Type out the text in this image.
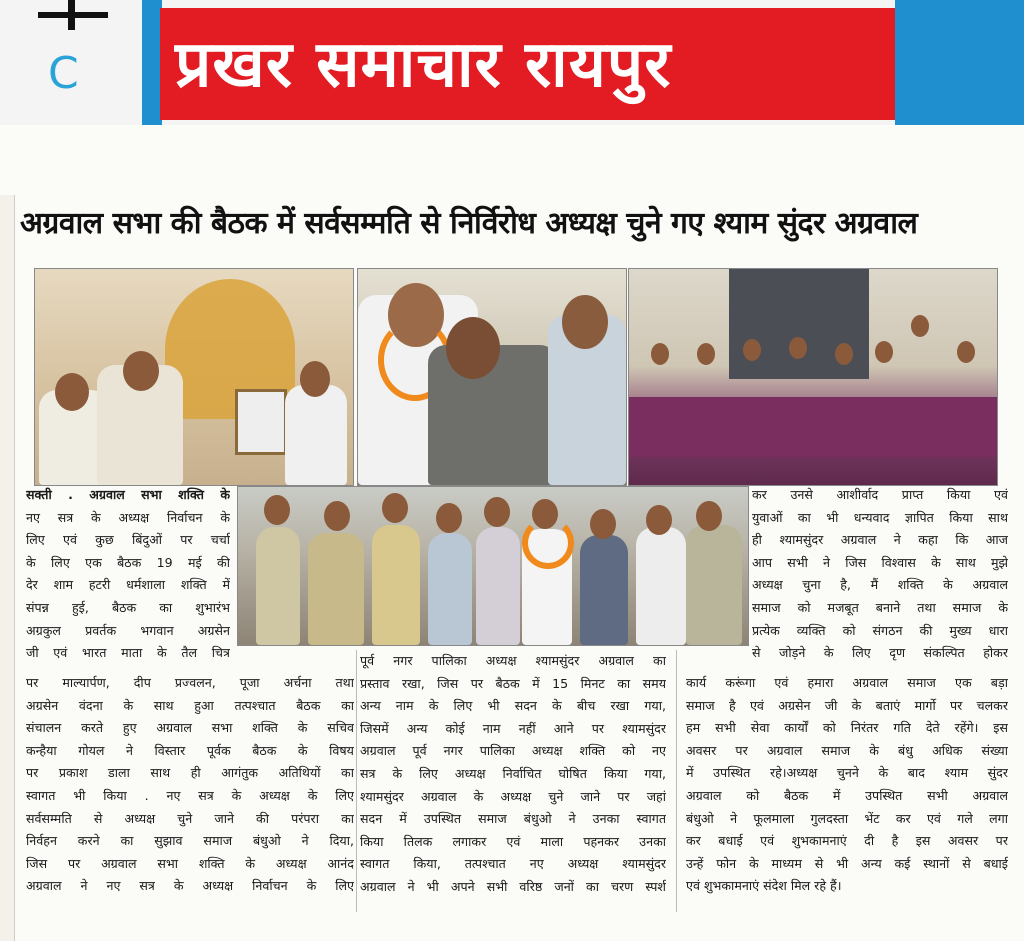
C प्रखर समाचार रायपुर
अग्रवाल सभा की बैठक में सर्वसम्मति से निर्विरोध अध्यक्ष चुने गए श्याम सुंदर अग्रवाल

सक्ती . अग्रवाल सभा शक्ति के

नए सत्र के अध्यक्ष निर्वाचन के

लिए एवं कुछ बिंदुओं पर चर्चा

के लिए एक बैठक 19 मई की

देर शाम हटरी धर्मशाला शक्ति में

संपन्न हुई, बैठक का शुभारंभ

अग्रकुल प्रवर्तक भगवान अग्रसेन

जी एवं भारत माता के तैल चित्र

पर माल्यार्पण, दीप प्रज्वलन, पूजा अर्चना तथा

अग्रसेन वंदना के साथ हुआ तत्पश्चात बैठक का

संचालन करते हुए अग्रवाल सभा शक्ति के सचिव

कन्हैया गोयल ने विस्तार पूर्वक बैठक के विषय

पर प्रकाश डाला साथ ही आगंतुक अतिथियों का

स्वागत भी किया . नए सत्र के अध्यक्ष के लिए

सर्वसम्मति से अध्यक्ष चुने जाने की परंपरा का

निर्वहन करने का सुझाव समाज बंधुओ ने दिया,

जिस पर अग्रवाल सभा शक्ति के अध्यक्ष आनंद

अग्रवाल ने नए सत्र के अध्यक्ष निर्वाचन के लिए

पूर्व नगर पालिका अध्यक्ष श्यामसुंदर अग्रवाल का

प्रस्ताव रखा, जिस पर बैठक में 15 मिनट का समय

अन्य नाम के लिए भी सदन के बीच रखा गया,

जिसमें अन्य कोई नाम नहीं आने पर श्यामसुंदर

अग्रवाल पूर्व नगर पालिका अध्यक्ष शक्ति को नए

सत्र के लिए अध्यक्ष निर्वाचित घोषित किया गया,

श्यामसुंदर अग्रवाल के अध्यक्ष चुने जाने पर जहां

सदन में उपस्थित समाज बंधुओ ने उनका स्वागत

किया तिलक लगाकर एवं माला पहनकर उनका

स्वागत किया, तत्पश्चात नए अध्यक्ष श्यामसुंदर

अग्रवाल ने भी अपने सभी वरिष्ठ जनों का चरण स्पर्श

कर उनसे आशीर्वाद प्राप्त किया एवं

युवाओं का भी धन्यवाद ज्ञापित किया साथ

ही श्यामसुंदर अग्रवाल ने कहा कि आज

आप सभी ने जिस विश्वास के साथ मुझे

अध्यक्ष चुना है, मैं शक्ति के अग्रवाल

समाज को मजबूत बनाने तथा समाज के

प्रत्येक व्यक्ति को संगठन की मुख्य धारा

से जोड़ने के लिए दृण संकल्पित होकर

कार्य करूंगा एवं हमारा अग्रवाल समाज एक बड़ा

समाज है एवं अग्रसेन जी के बताएं मार्गो पर चलकर

हम सभी सेवा कार्यों को निरंतर गति देते रहेंगे। इस

अवसर पर अग्रवाल समाज के बंधु अधिक संख्या

में उपस्थित रहे।अध्यक्ष चुनने के बाद श्याम सुंदर

अग्रवाल को बैठक में उपस्थित सभी अग्रवाल

बंधुओ ने फूलमाला गुलदस्ता भेंट कर एवं गले लगा

कर बधाई एवं शुभकामनाएं दी है इस अवसर पर

उन्हें फोन के माध्यम से भी अन्य कई स्थानों से बधाई

एवं शुभकामनाएं संदेश मिल रहे हैं।
